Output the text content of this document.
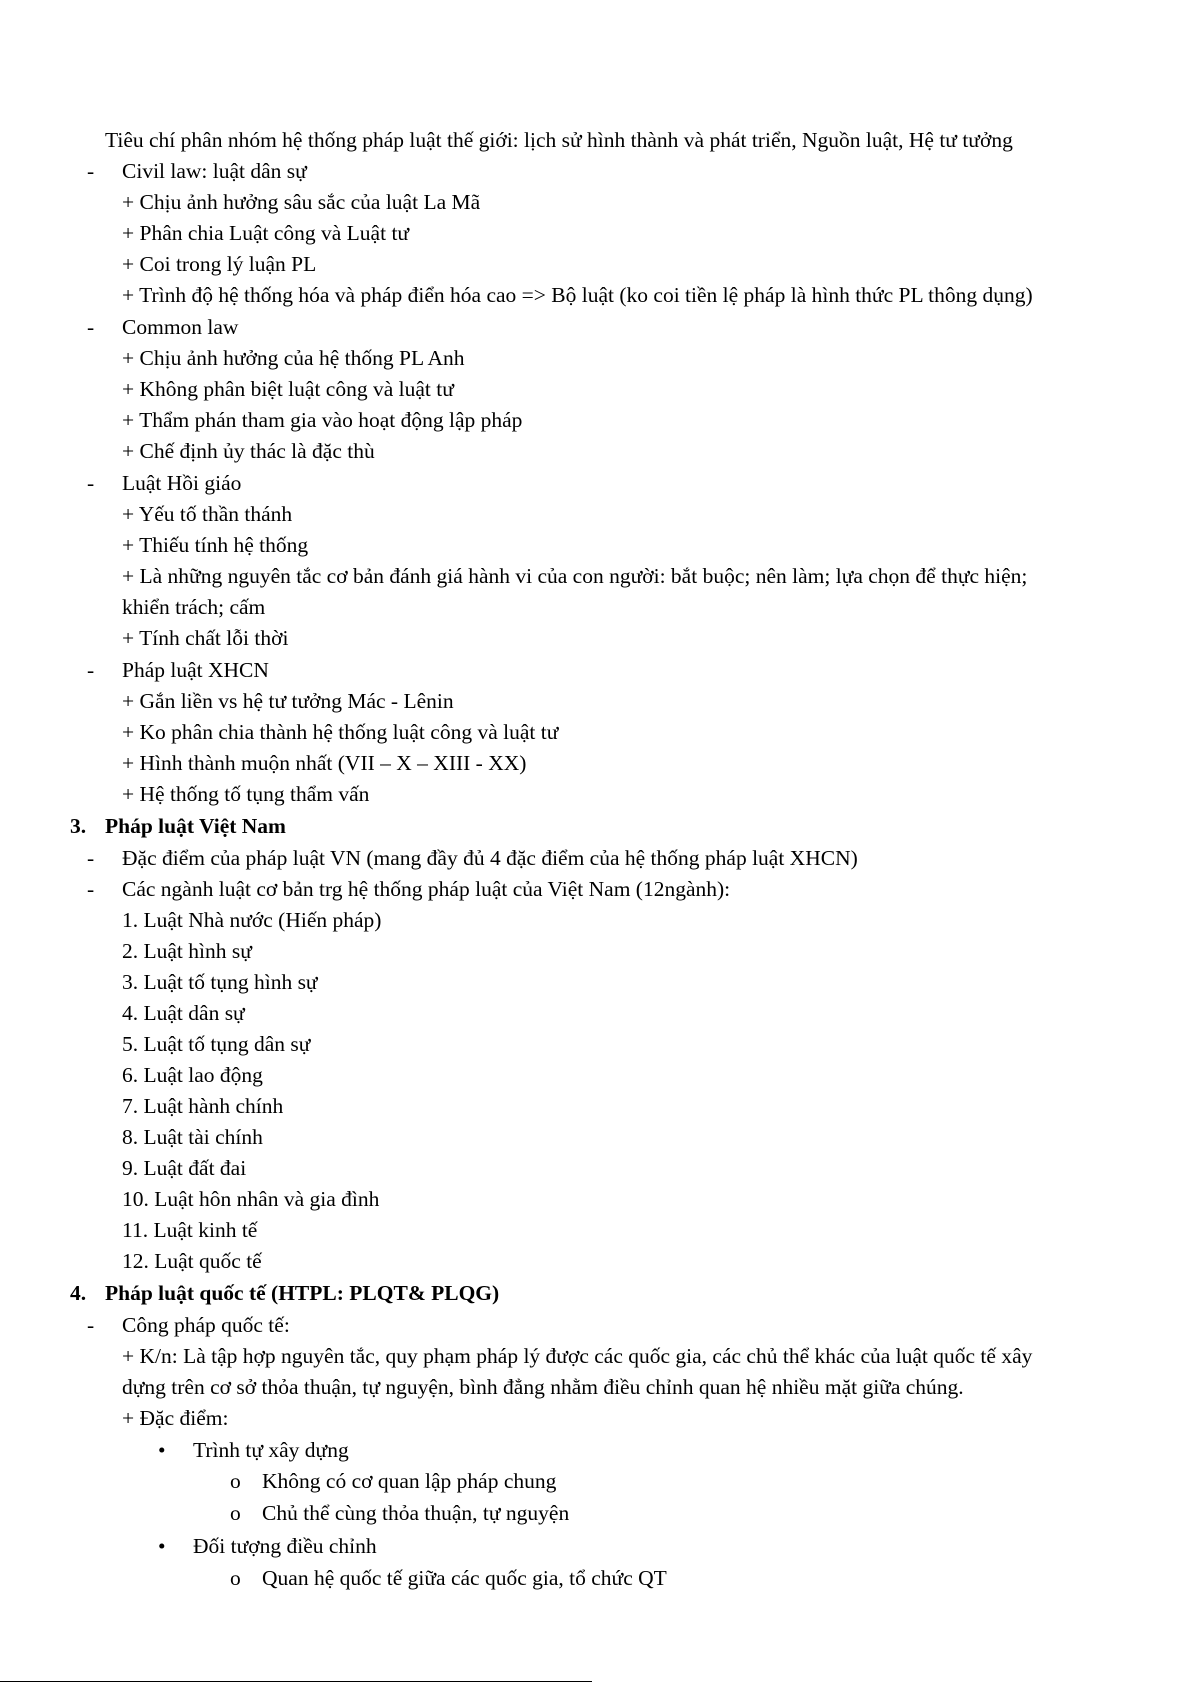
Tiêu chí phân nhóm hệ thống pháp luật thế giới: lịch sử hình thành và phát triển, Nguồn luật, Hệ tư tưởng
- Civil law: luật dân sự
+ Chịu ảnh hưởng sâu sắc của luật La Mã
+ Phân chia Luật công và Luật tư
+ Coi trong lý luận PL
+ Trình độ hệ thống hóa và pháp điển hóa cao => Bộ luật (ko coi tiền lệ pháp là hình thức PL thông dụng)
- Common law
+ Chịu ảnh hưởng của hệ thống PL Anh
+ Không phân biệt luật công và luật tư
+ Thẩm phán tham gia vào hoạt động lập pháp
+ Chế định ủy thác là đặc thù
- Luật Hồi giáo
+ Yếu tố thần thánh
+ Thiếu tính hệ thống
+ Là những nguyên tắc cơ bản đánh giá hành vi của con người: bắt buộc; nên làm; lựa chọn để thực hiện;
khiển trách; cấm
+ Tính chất lỗi thời
- Pháp luật XHCN
+ Gắn liền vs hệ tư tưởng Mác - Lênin
+ Ko phân chia thành hệ thống luật công và luật tư
+ Hình thành muộn nhất (VII – X – XIII - XX)
+ Hệ thống tố tụng thẩm vấn
3. Pháp luật Việt Nam
- Đặc điểm của pháp luật VN (mang đầy đủ 4 đặc điểm của hệ thống pháp luật XHCN)
- Các ngành luật cơ bản trg hệ thống pháp luật của Việt Nam (12ngành):
1. Luật Nhà nước (Hiến pháp)
2. Luật hình sự
3. Luật tố tụng hình sự
4. Luật dân sự
5. Luật tố tụng dân sự
6. Luật lao động
7. Luật hành chính
8. Luật tài chính
9. Luật đất đai
10. Luật hôn nhân và gia đình
11. Luật kinh tế
12. Luật quốc tế
4. Pháp luật quốc tế (HTPL: PLQT& PLQG)
- Công pháp quốc tế:
+ K/n: Là tập hợp nguyên tắc, quy phạm pháp lý được các quốc gia, các chủ thể khác của luật quốc tế xây
dựng trên cơ sở thỏa thuận, tự nguyện, bình đẳng nhằm điều chỉnh quan hệ nhiều mặt giữa chúng.
+ Đặc điểm:
• Trình tự xây dựng
o Không có cơ quan lập pháp chung
o Chủ thể cùng thỏa thuận, tự nguyện
• Đối tượng điều chỉnh
o Quan hệ quốc tế giữa các quốc gia, tổ chức QT
